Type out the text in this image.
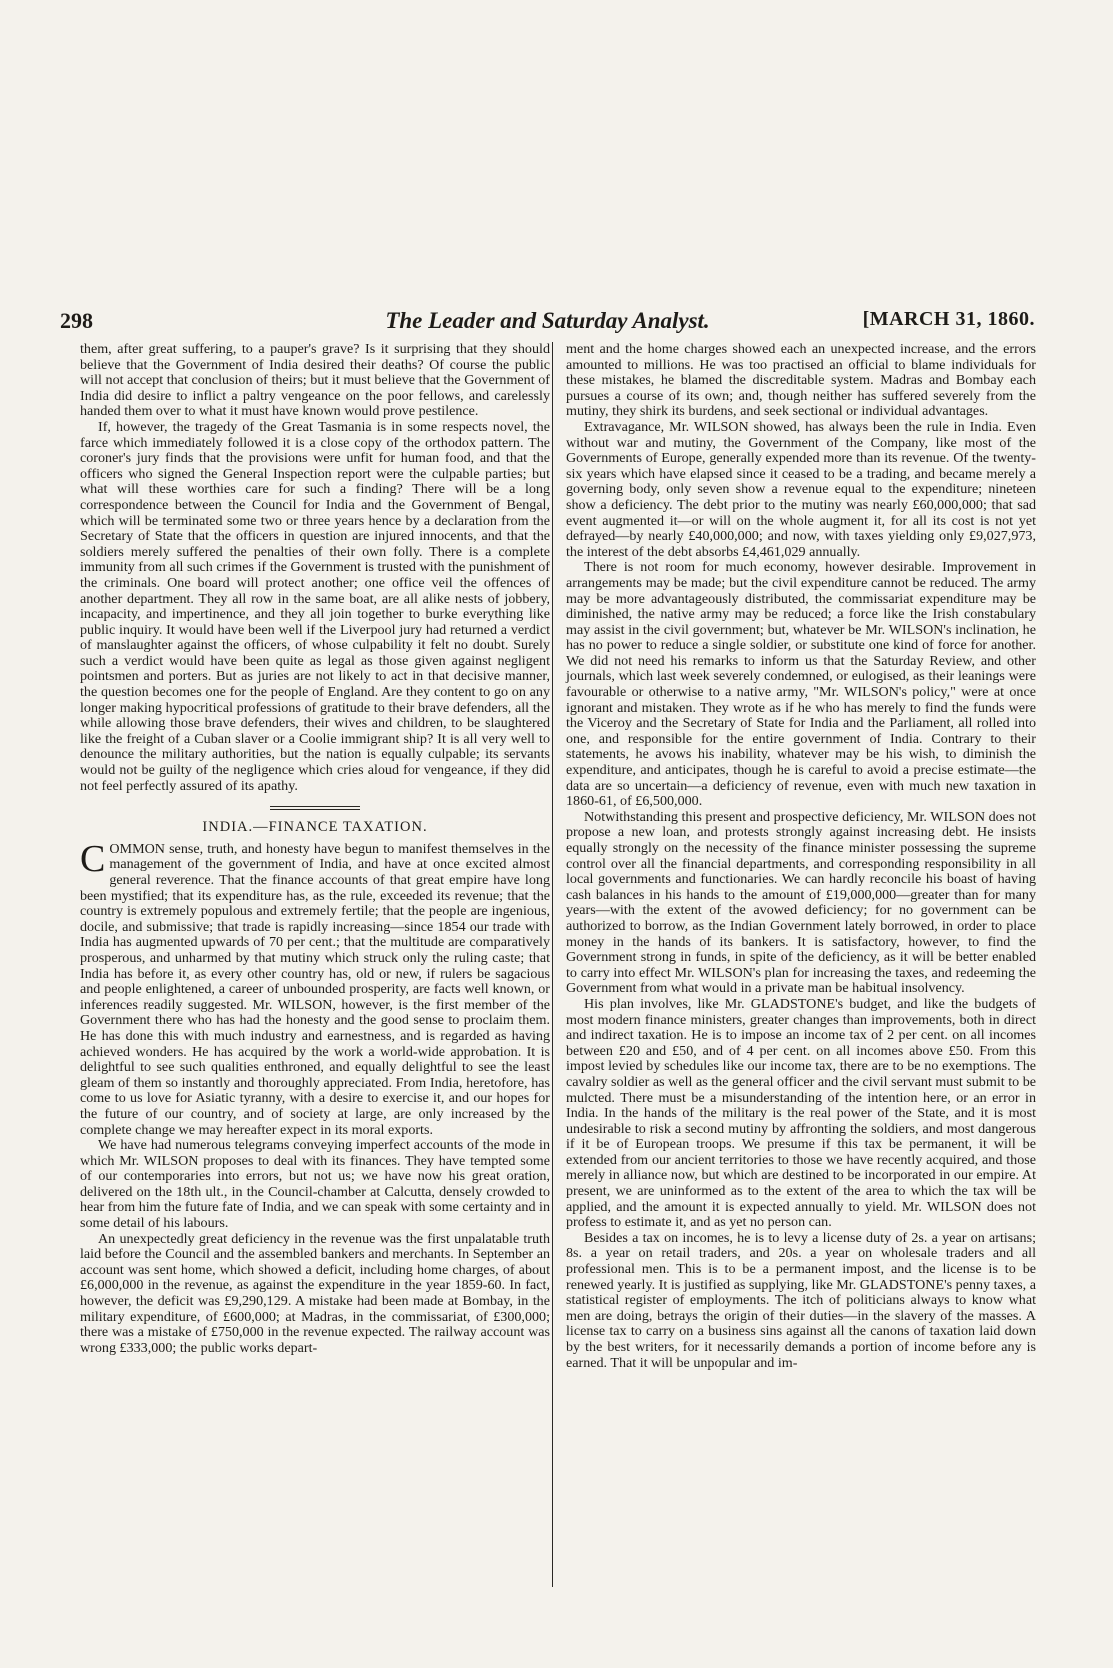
298	The Leader and Saturday Analyst.	[MARCH 31, 1860.

them, after great suffering, to a pauper's grave? Is it surprising that they should believe that the Government of India desired their deaths? Of course the public will not accept that conclusion of theirs; but it must believe that the Government of India did desire to inflict a paltry vengeance on the poor fellows, and carelessly handed them over to what it must have known would prove pestilence.

If, however, the tragedy of the Great Tasmania is in some respects novel, the farce which immediately followed it is a close copy of the orthodox pattern. The coroner's jury finds that the provisions were unfit for human food, and that the officers who signed the General Inspection report were the culpable parties; but what will these worthies care for such a finding? There will be a long correspondence between the Council for India and the Government of Bengal, which will be terminated some two or three years hence by a declaration from the Secretary of State that the officers in question are injured innocents, and that the soldiers merely suffered the penalties of their own folly. There is a complete immunity from all such crimes if the Government is trusted with the punishment of the criminals. One board will protect another; one office veil the offences of another department. They all row in the same boat, are all alike nests of jobbery, incapacity, and impertinence, and they all join together to burke everything like public inquiry. It would have been well if the Liverpool jury had returned a verdict of manslaughter against the officers, of whose culpability it felt no doubt. Surely such a verdict would have been quite as legal as those given against negligent pointsmen and porters. But as juries are not likely to act in that decisive manner, the question becomes one for the people of England. Are they content to go on any longer making hypocritical professions of gratitude to their brave defenders, all the while allowing those brave defenders, their wives and children, to be slaughtered like the freight of a Cuban slaver or a Coolie immigrant ship? It is all very well to denounce the military authorities, but the nation is equally culpable; its servants would not be guilty of the negligence which cries aloud for vengeance, if they did not feel perfectly assured of its apathy.

INDIA.—FINANCE TAXATION.

COMMON sense, truth, and honesty have begun to manifest themselves in the management of the government of India, and have at once excited almost general reverence. That the finance accounts of that great empire have long been mystified; that its expenditure has, as the rule, exceeded its revenue; that the country is extremely populous and extremely fertile; that the people are ingenious, docile, and submissive; that trade is rapidly increasing—since 1854 our trade with India has augmented upwards of 70 per cent.; that the multitude are comparatively prosperous, and unharmed by that mutiny which struck only the ruling caste; that India has before it, as every other country has, old or new, if rulers be sagacious and people enlightened, a career of unbounded prosperity, are facts well known, or inferences readily suggested. Mr. WILSON, however, is the first member of the Government there who has had the honesty and the good sense to proclaim them. He has done this with much industry and earnestness, and is regarded as having achieved wonders. He has acquired by the work a world-wide approbation. It is delightful to see such qualities enthroned, and equally delightful to see the least gleam of them so instantly and thoroughly appreciated. From India, heretofore, has come to us love for Asiatic tyranny, with a desire to exercise it, and our hopes for the future of our country, and of society at large, are only increased by the complete change we may hereafter expect in its moral exports.

We have had numerous telegrams conveying imperfect accounts of the mode in which Mr. WILSON proposes to deal with its finances. They have tempted some of our contemporaries into errors, but not us; we have now his great oration, delivered on the 18th ult., in the Council-chamber at Calcutta, densely crowded to hear from him the future fate of India, and we can speak with some certainty and in some detail of his labours.

An unexpectedly great deficiency in the revenue was the first unpalatable truth laid before the Council and the assembled bankers and merchants. In September an account was sent home, which showed a deficit, including home charges, of about £6,000,000 in the revenue, as against the expenditure in the year 1859-60. In fact, however, the deficit was £9,290,129. A mistake had been made at Bombay, in the military expenditure, of £600,000; at Madras, in the commissariat, of £300,000; there was a mistake of £750,000 in the revenue expected. The railway account was wrong £333,000; the public works depart-

ment and the home charges showed each an unexpected increase, and the errors amounted to millions. He was too practised an official to blame individuals for these mistakes, he blamed the discreditable system. Madras and Bombay each pursues a course of its own; and, though neither has suffered severely from the mutiny, they shirk its burdens, and seek sectional or individual advantages.

Extravagance, Mr. WILSON showed, has always been the rule in India. Even without war and mutiny, the Government of the Company, like most of the Governments of Europe, generally expended more than its revenue. Of the twenty-six years which have elapsed since it ceased to be a trading, and became merely a governing body, only seven show a revenue equal to the expenditure; nineteen show a deficiency. The debt prior to the mutiny was nearly £60,000,000; that sad event augmented it—or will on the whole augment it, for all its cost is not yet defrayed—by nearly £40,000,000; and now, with taxes yielding only £9,027,973, the interest of the debt absorbs £4,461,029 annually.

There is not room for much economy, however desirable. Improvement in arrangements may be made; but the civil expenditure cannot be reduced. The army may be more advantageously distributed, the commissariat expenditure may be diminished, the native army may be reduced; a force like the Irish constabulary may assist in the civil government; but, whatever be Mr. WILSON's inclination, he has no power to reduce a single soldier, or substitute one kind of force for another. We did not need his remarks to inform us that the Saturday Review, and other journals, which last week severely condemned, or eulogised, as their leanings were favourable or otherwise to a native army, "Mr. WILSON's policy," were at once ignorant and mistaken. They wrote as if he who has merely to find the funds were the Viceroy and the Secretary of State for India and the Parliament, all rolled into one, and responsible for the entire government of India. Contrary to their statements, he avows his inability, whatever may be his wish, to diminish the expenditure, and anticipates, though he is careful to avoid a precise estimate—the data are so uncertain—a deficiency of revenue, even with much new taxation in 1860-61, of £6,500,000.

Notwithstanding this present and prospective deficiency, Mr. WILSON does not propose a new loan, and protests strongly against increasing debt. He insists equally strongly on the necessity of the finance minister possessing the supreme control over all the financial departments, and corresponding responsibility in all local governments and functionaries. We can hardly reconcile his boast of having cash balances in his hands to the amount of £19,000,000—greater than for many years—with the extent of the avowed deficiency; for no government can be authorized to borrow, as the Indian Government lately borrowed, in order to place money in the hands of its bankers. It is satisfactory, however, to find the Government strong in funds, in spite of the deficiency, as it will be better enabled to carry into effect Mr. WILSON's plan for increasing the taxes, and redeeming the Government from what would in a private man be habitual insolvency.

His plan involves, like Mr. GLADSTONE's budget, and like the budgets of most modern finance ministers, greater changes than improvements, both in direct and indirect taxation. He is to impose an income tax of 2 per cent. on all incomes between £20 and £50, and of 4 per cent. on all incomes above £50. From this impost levied by schedules like our income tax, there are to be no exemptions. The cavalry soldier as well as the general officer and the civil servant must submit to be mulcted. There must be a misunderstanding of the intention here, or an error in India. In the hands of the military is the real power of the State, and it is most undesirable to risk a second mutiny by affronting the soldiers, and most dangerous if it be of European troops. We presume if this tax be permanent, it will be extended from our ancient territories to those we have recently acquired, and those merely in alliance now, but which are destined to be incorporated in our empire. At present, we are uninformed as to the extent of the area to which the tax will be applied, and the amount it is expected annually to yield. Mr. WILSON does not profess to estimate it, and as yet no person can.

Besides a tax on incomes, he is to levy a license duty of 2s. a year on artisans; 8s. a year on retail traders, and 20s. a year on wholesale traders and all professional men. This is to be a permanent impost, and the license is to be renewed yearly. It is justified as supplying, like Mr. GLADSTONE's penny taxes, a statistical register of employments. The itch of politicians always to know what men are doing, betrays the origin of their duties—in the slavery of the masses. A license tax to carry on a business sins against all the canons of taxation laid down by the best writers, for it necessarily demands a portion of income before any is earned. That it will be unpopular and im-
